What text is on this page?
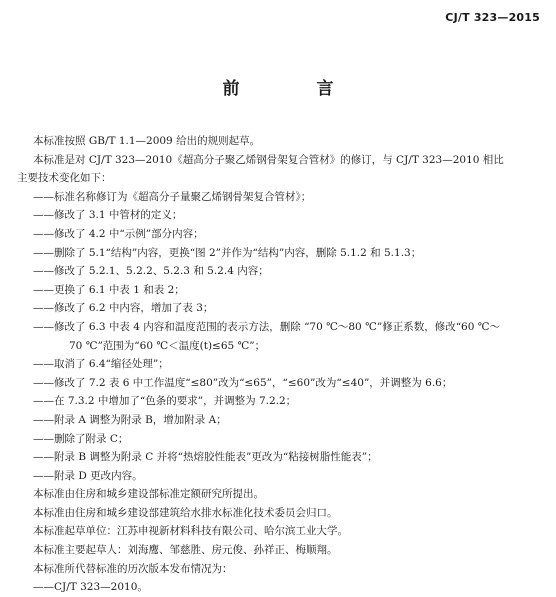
CJ/T 323—2015
前　言

本标准按照 GB/T 1.1—2009 给出的规则起草。

本标准是对 CJ/T 323—2010《超高分子聚乙烯钢骨架复合管材》的修订，与 CJ/T 323—2010 相比

主要技术变化如下：

——标准名称修订为《超高分子量聚乙烯钢骨架复合管材》；

——修改了 3.1 中管材的定义；

——修改了 4.2 中“示例”部分内容；

——删除了 5.1“结构”内容，更换“图 2”并作为“结构”内容，删除 5.1.2 和 5.1.3；

——修改了 5.2.1、5.2.2、5.2.3 和 5.2.4 内容；

——更换了 6.1 中表 1 和表 2；

——修改了 6.2 中内容，增加了表 3；

——修改了 6.3 中表 4 内容和温度范围的表示方法，删除 “70 ℃～80 ℃”修正系数，修改“60 ℃～

70 ℃”范围为“60 ℃＜温度(t)≤65 ℃”；

——取消了 6.4“缩径处理”；

——修改了 7.2 表 6 中工作温度“≤80”改为“≤65”，“≤60”改为“≤40”，并调整为 6.6；

——在 7.3.2 中增加了“色条的要求”，并调整为 7.2.2；

——附录 A 调整为附录 B，增加附录 A；

——删除了附录 C；

——附录 B 调整为附录 C 并将“热熔胶性能表”更改为“粘接树脂性能表”；

——附录 D 更改内容。

本标准由住房和城乡建设部标准定额研究所提出。

本标准由住房和城乡建设部建筑给水排水标准化技术委员会归口。

本标准起草单位：江苏申视新材料科技有限公司、哈尔滨工业大学。

本标准主要起草人：刘海鹰、邹慈胜、房元俊、孙祥正、梅顺翔。

本标准所代替标准的历次版本发布情况为：

——CJ/T 323—2010。
